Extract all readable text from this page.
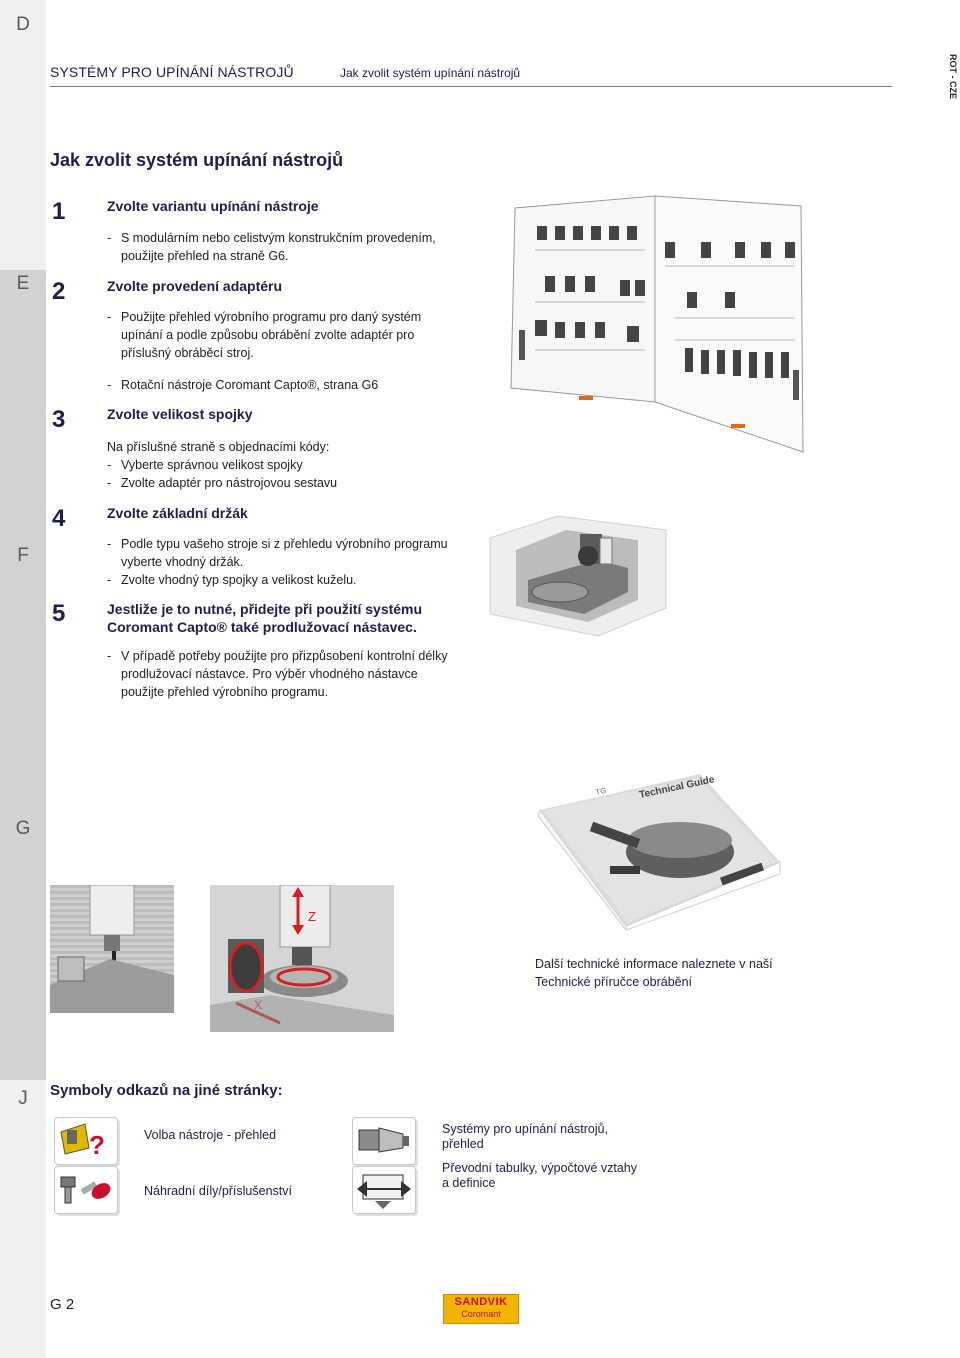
D
E
F
G
J
SYSTÉMY PRO UPÍNÁNÍ NÁSTROJŮ	Jak zvolit systém upínání nástrojů	ROT - CZE
Jak zvolit systém upínání nástrojů
1	Zvolte variantu upínání nástroje
- S modulárním nebo celistvým konstrukčním provedením,
použijte přehled na straně G6.
2	Zvolte provedení adaptéru
- Použijte přehled výrobního programu pro daný systém
upínání a podle způsobu obrábění zvolte adaptér pro
příslušný obráběcí stroj.
- Rotační nástroje Coromant Capto®, strana G6
3	Zvolte velikost spojky
Na příslušné straně s objednacími kódy:
- Vyberte správnou velikost spojky
- Zvolte adaptér pro nástrojovou sestavu
4	Zvolte základní držák
- Podle typu vašeho stroje si z přehledu výrobního programu
vyberte vhodný držák.
- Zvolte vhodný typ spojky a velikost kuželu.
5	Jestliže je to nutné, přidejte při použití systému
Coromant Capto® také prodlužovací nástavec.
- V případě potřeby použijte pro přizpůsobení kontrolní délky
prodlužovací nástavce. Pro výběr vhodného nástavce
použijte přehled výrobního programu.
TG	Technical Guide
Další technické informace naleznete v naší
Technické příručce obrábění
Z
Symboly odkazů na jiné stránky:
?	Volba nástroje - přehled
Náhradní díly/příslušenství
Systémy pro upínání nástrojů,
přehled
Převodní tabulky, výpočtové vztahy
a definice
G 2	SANDVIK
Coromant
